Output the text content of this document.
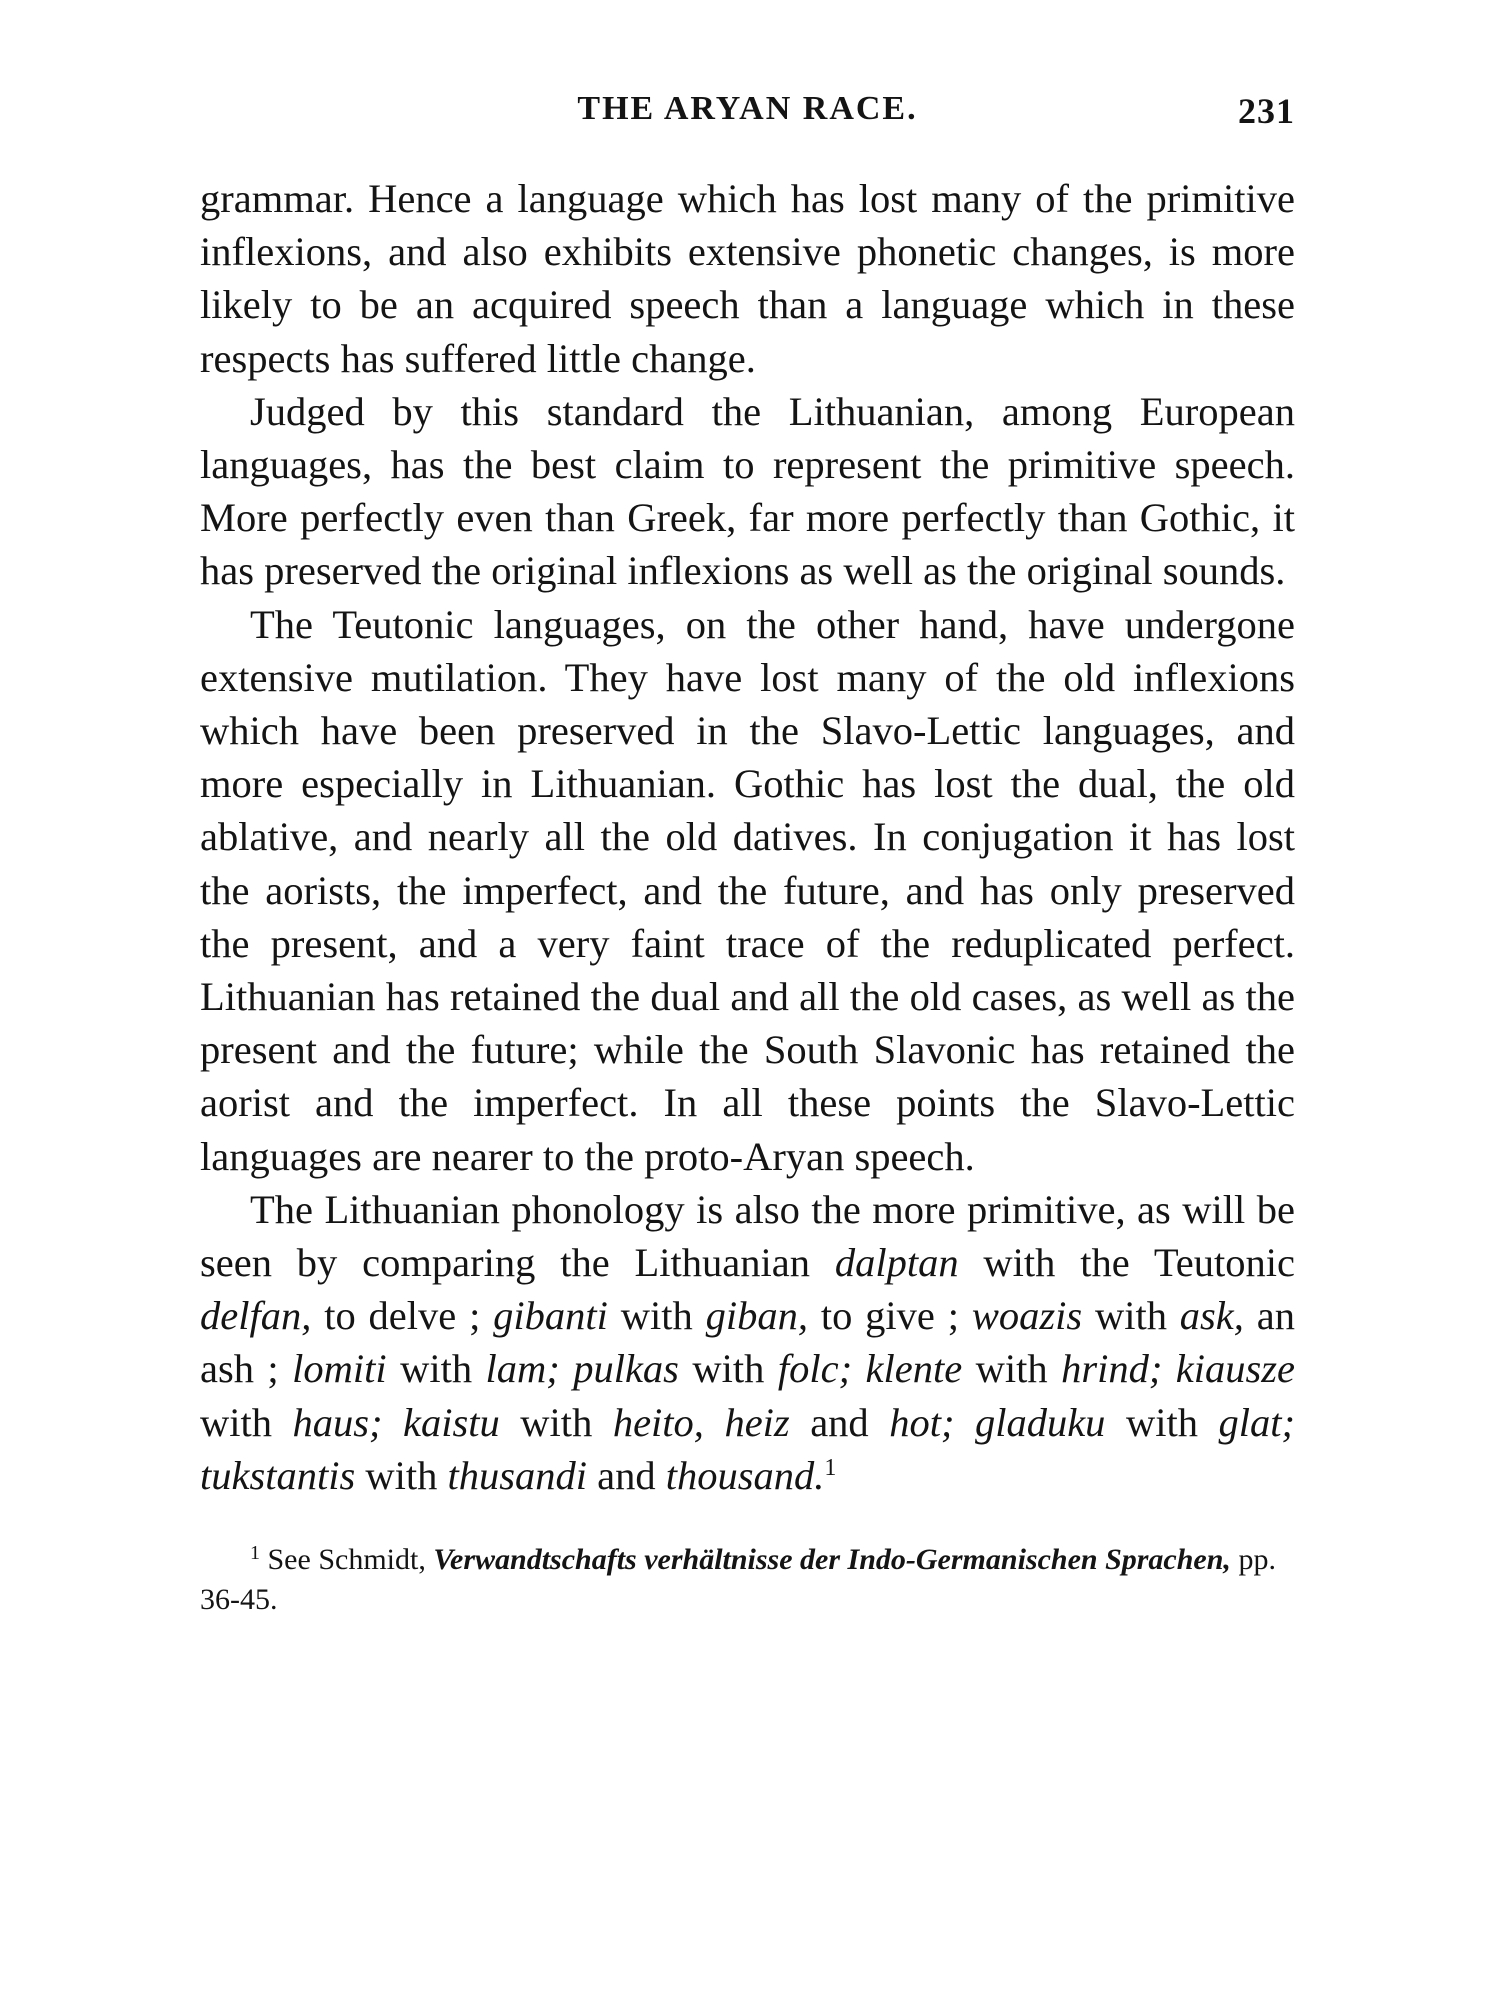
THE ARYAN RACE.	231

grammar. Hence a language which has lost many of the primitive inflexions, and also exhibits extensive phonetic changes, is more likely to be an acquired speech than a language which in these respects has suffered little change.

Judged by this standard the Lithuanian, among European languages, has the best claim to represent the primitive speech. More perfectly even than Greek, far more perfectly than Gothic, it has preserved the original inflexions as well as the original sounds.

The Teutonic languages, on the other hand, have undergone extensive mutilation. They have lost many of the old inflexions which have been preserved in the Slavo-Lettic languages, and more especially in Lithuanian. Gothic has lost the dual, the old ablative, and nearly all the old datives. In conjugation it has lost the aorists, the imperfect, and the future, and has only preserved the present, and a very faint trace of the reduplicated perfect. Lithuanian has retained the dual and all the old cases, as well as the present and the future; while the South Slavonic has retained the aorist and the imperfect. In all these points the Slavo-Lettic languages are nearer to the proto-Aryan speech.

The Lithuanian phonology is also the more primitive, as will be seen by comparing the Lithuanian dalptan with the Teutonic delfan, to delve ; gibanti with giban, to give ; woazis with ask, an ash ; lomiti with lam; pulkas with folc; klente with hrind; kiausze with haus; kaistu with heito, heiz and hot; gladuku with glat; tukstantis with thusandi and thousand.$^1$

$^1$ See Schmidt, Verwandtschafts verhältnisse der Indo-Germanischen Sprachen, pp. 36-45.
